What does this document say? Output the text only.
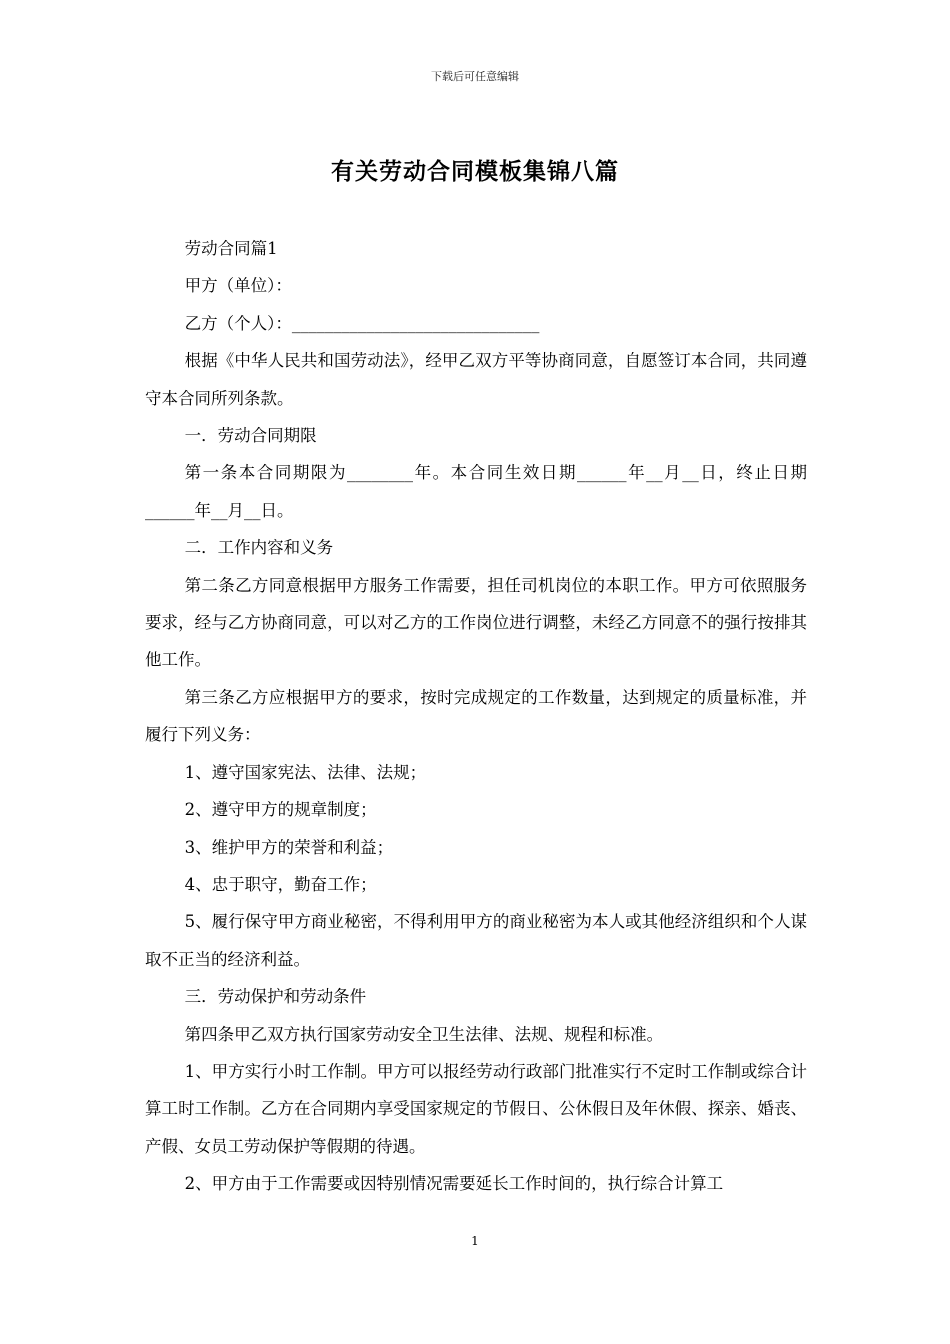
下载后可任意编辑
有关劳动合同模板集锦八篇

劳动合同篇1

甲方（单位）：

乙方（个人）：______________________________

根据《中华人民共和国劳动法》，经甲乙双方平等协商同意，自愿签订本合同，共同遵守本合同所列条款。

一．劳动合同期限

第一条本合同期限为________年。本合同生效日期______年__月__日，终止日期______年__月__日。

二．工作内容和义务

第二条乙方同意根据甲方服务工作需要，担任司机岗位的本职工作。甲方可依照服务要求，经与乙方协商同意，可以对乙方的工作岗位进行调整，未经乙方同意不的强行按排其他工作。

第三条乙方应根据甲方的要求，按时完成规定的工作数量，达到规定的质量标准，并履行下列义务：

1、遵守国家宪法、法律、法规；

2、遵守甲方的规章制度；

3、维护甲方的荣誉和利益；

4、忠于职守，勤奋工作；

5、履行保守甲方商业秘密，不得利用甲方的商业秘密为本人或其他经济组织和个人谋取不正当的经济利益。

三．劳动保护和劳动条件

第四条甲乙双方执行国家劳动安全卫生法律、法规、规程和标准。

1、甲方实行小时工作制。甲方可以报经劳动行政部门批准实行不定时工作制或综合计算工时工作制。乙方在合同期内享受国家规定的节假日、公休假日及年休假、探亲、婚丧、产假、女员工劳动保护等假期的待遇。

2、甲方由于工作需要或因特别情况需要延长工作时间的，执行综合计算工

1
